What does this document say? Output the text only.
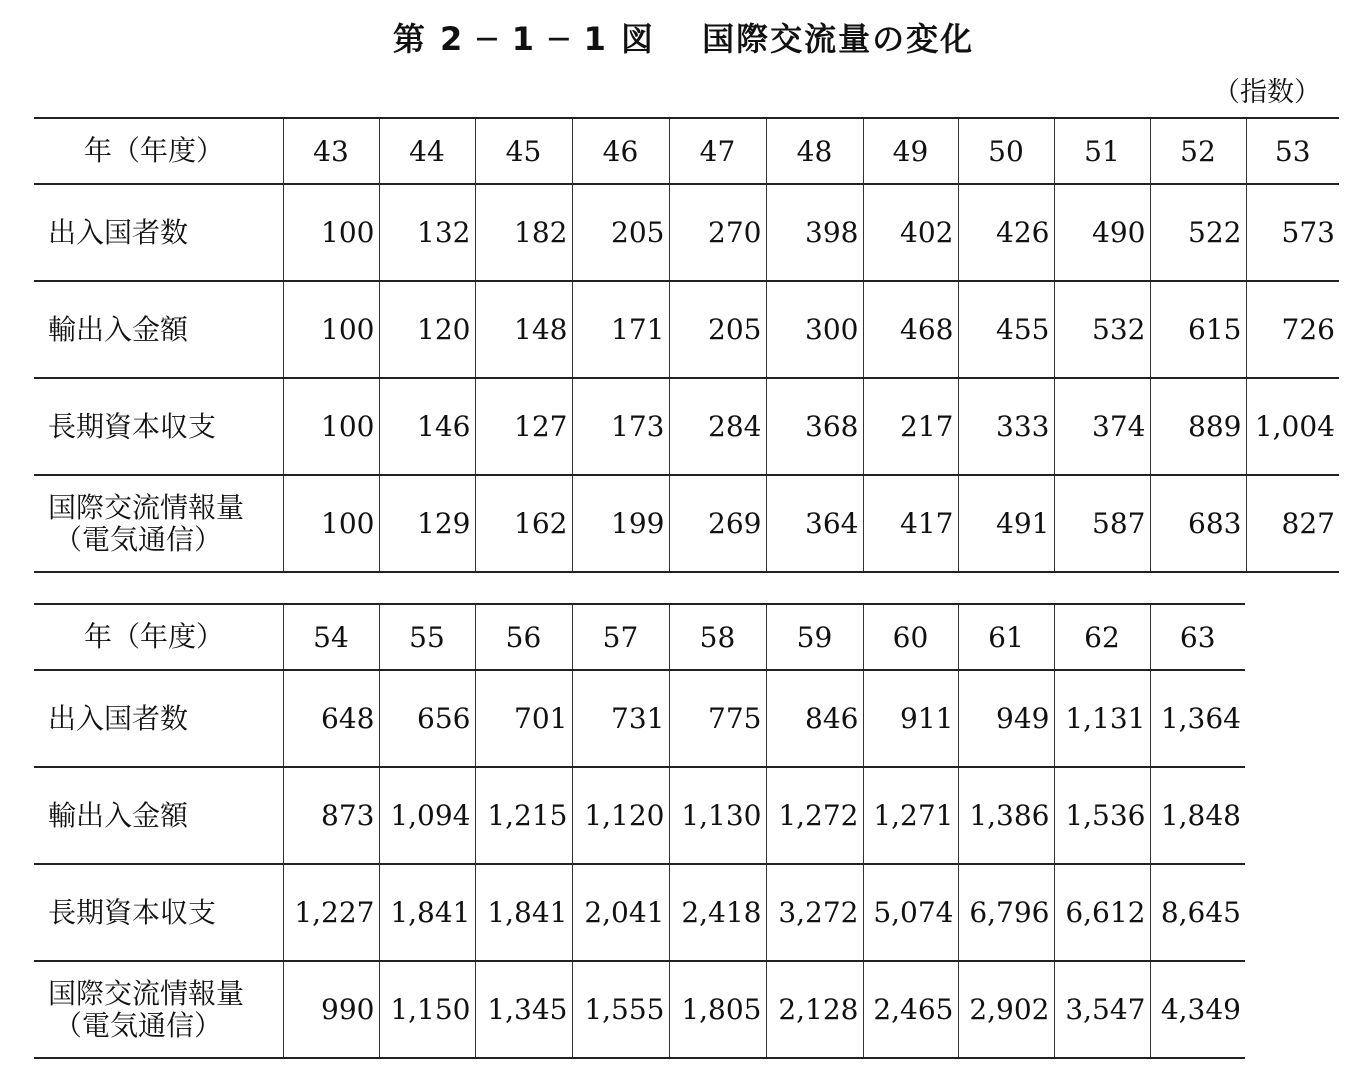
第 2 ─ 1 ─ 1 図　 国際交流量の変化
（指数）
年（年度）	43	44	45	46	47	48	49	50	51	52	53
出入国者数	100	132	182	205	270	398	402	426	490	522	573
輸出入金額	100	120	148	171	205	300	468	455	532	615	726
長期資本収支	100	146	127	173	284	368	217	333	374	889	1,004
国際交流情報量
（電気通信）	100	129	162	199	269	364	417	491	587	683	827
年（年度）	54	55	56	57	58	59	60	61	62	63
出入国者数	648	656	701	731	775	846	911	949	1,131	1,364
輸出入金額	873	1,094	1,215	1,120	1,130	1,272	1,271	1,386	1,536	1,848
長期資本収支	1,227	1,841	1,841	2,041	2,418	3,272	5,074	6,796	6,612	8,645
国際交流情報量
（電気通信）	990	1,150	1,345	1,555	1,805	2,128	2,465	2,902	3,547	4,349
